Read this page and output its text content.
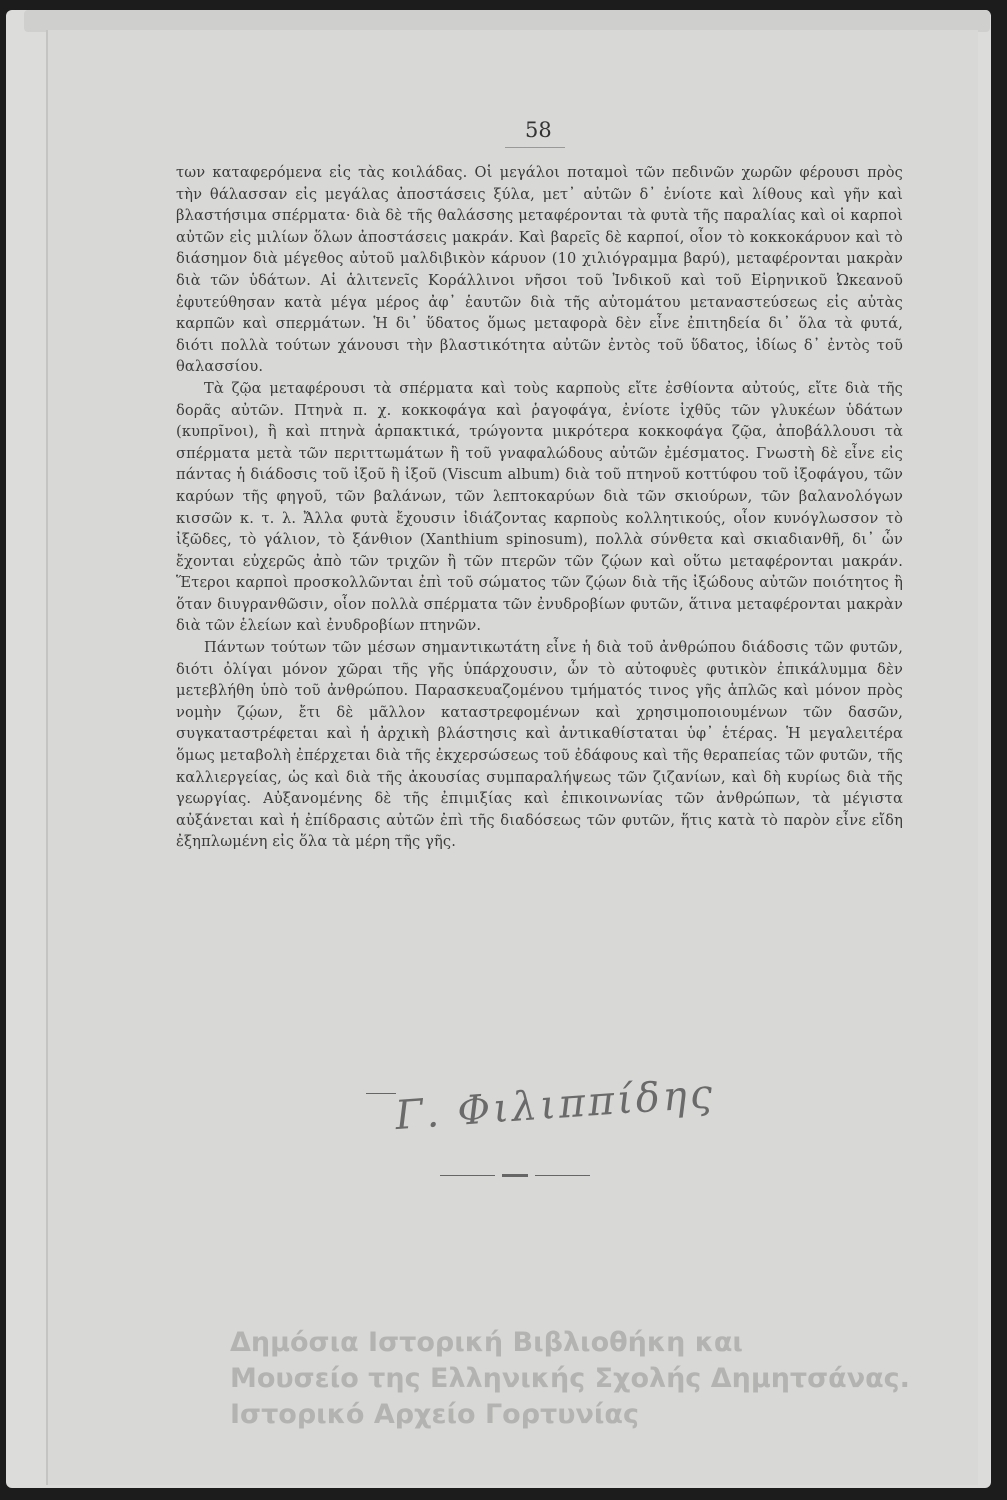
58

των καταφερόμενα εἰς τὰς κοιλάδας. Οἱ μεγάλοι ποταμοὶ τῶν πεδινῶν χωρῶν φέρουσι πρὸς τὴν θάλασσαν εἰς μεγάλας ἀποστάσεις ξύλα, μετ᾽ αὐτῶν δ᾽ ἐνίοτε καὶ λίθους καὶ γῆν καὶ βλαστήσιμα σπέρματα· διὰ δὲ τῆς θαλάσσης μεταφέρονται τὰ φυτὰ τῆς παραλίας καὶ οἱ καρποὶ αὐτῶν εἰς μιλίων ὅλων ἀποστάσεις μακράν. Καὶ βαρεῖς δὲ καρποί, οἷον τὸ κοκκοκάρυον καὶ τὸ διάσημον διὰ μέγεθος αὐτοῦ μαλδιβικὸν κάρυον (10 χιλιόγραμμα βαρύ), μεταφέρονται μακρὰν διὰ τῶν ὑδάτων. Αἱ ἁλιτενεῖς Κοράλλινοι νῆσοι τοῦ Ἰνδικοῦ καὶ τοῦ Εἰρηνικοῦ Ὠκεανοῦ ἐφυτεύθησαν κατὰ μέγα μέρος ἀφ᾽ ἑαυτῶν διὰ τῆς αὐτομάτου μεταναστεύσεως εἰς αὐτὰς καρπῶν καὶ σπερμάτων. Ἡ δι᾽ ὕδατος ὅμως μεταφορὰ δὲν εἶνε ἐπιτηδεία δι᾽ ὅλα τὰ φυτά, διότι πολλὰ τούτων χάνουσι τὴν βλαστικότητα αὐτῶν ἐντὸς τοῦ ὕδατος, ἰδίως δ᾽ ἐντὸς τοῦ θαλασσίου.

Τὰ ζῷα μεταφέρουσι τὰ σπέρματα καὶ τοὺς καρποὺς εἴτε ἐσθίοντα αὐτούς, εἴτε διὰ τῆς δορᾶς αὐτῶν. Πτηνὰ π. χ. κοκκοφάγα καὶ ῥαγοφάγα, ἐνίοτε ἰχθῦς τῶν γλυκέων ὑδάτων (κυπρῖνοι), ἢ καὶ πτηνὰ ἁρπακτικά, τρώγοντα μικρότερα κοκκοφάγα ζῷα, ἀποβάλλουσι τὰ σπέρματα μετὰ τῶν περιττωμάτων ἢ τοῦ γναφαλώδους αὐτῶν ἐμέσματος. Γνωστὴ δὲ εἶνε εἰς πάντας ἡ διάδοσις τοῦ ἰξοῦ ἢ ἰξοῦ (Viscum album) διὰ τοῦ πτηνοῦ κοττύφου τοῦ ἰξοφάγου, τῶν καρύων τῆς φηγοῦ, τῶν βαλάνων, τῶν λεπτοκαρύων διὰ τῶν σκιούρων, τῶν βαλανολόγων κισσῶν κ. τ. λ. Ἄλλα φυτὰ ἔχουσιν ἰδιάζοντας καρποὺς κολλητικούς, οἷον κυνόγλωσσον τὸ ἰξῶδες, τὸ γάλιον, τὸ ξάνθιον (Xanthium spinosum), πολλὰ σύνθετα καὶ σκιαδιανθῆ, δι᾽ ὧν ἔχονται εὐχερῶς ἀπὸ τῶν τριχῶν ἢ τῶν πτερῶν τῶν ζῴων καὶ οὕτω μεταφέρονται μακράν. Ἕτεροι καρποὶ προσκολλῶνται ἐπὶ τοῦ σώματος τῶν ζῴων διὰ τῆς ἰξώδους αὐτῶν ποιότητος ἢ ὅταν διυγρανθῶσιν, οἷον πολλὰ σπέρματα τῶν ἐνυδροβίων φυτῶν, ἅτινα μεταφέρονται μακρὰν διὰ τῶν ἑλείων καὶ ἐνυδροβίων πτηνῶν.

Πάντων τούτων τῶν μέσων σημαντικωτάτη εἶνε ἡ διὰ τοῦ ἀνθρώπου διάδοσις τῶν φυτῶν, διότι ὀλίγαι μόνον χῶραι τῆς γῆς ὑπάρχουσιν, ὧν τὸ αὐτοφυὲς φυτικὸν ἐπικάλυμμα δὲν μετεβλήθη ὑπὸ τοῦ ἀνθρώπου. Παρασκευαζομένου τμήματός τινος γῆς ἁπλῶς καὶ μόνον πρὸς νομὴν ζῴων, ἔτι δὲ μᾶλλον καταστρεφομένων καὶ χρησιμοποιουμένων τῶν δασῶν, συγκαταστρέφεται καὶ ἡ ἀρχικὴ βλάστησις καὶ ἀντικαθίσταται ὑφ᾽ ἑτέρας. Ἡ μεγαλειτέρα ὅμως μεταβολὴ ἐπέρχεται διὰ τῆς ἐκχερσώσεως τοῦ ἐδάφους καὶ τῆς θεραπείας τῶν φυτῶν, τῆς καλλιεργείας, ὡς καὶ διὰ τῆς ἀκουσίας συμπαραλήψεως τῶν ζιζανίων, καὶ δὴ κυρίως διὰ τῆς γεωργίας. Αὐξανομένης δὲ τῆς ἐπιμιξίας καὶ ἐπικοινωνίας τῶν ἀνθρώπων, τὰ μέγιστα αὐξάνεται καὶ ἡ ἐπίδρασις αὐτῶν ἐπὶ τῆς διαδόσεως τῶν φυτῶν, ἥτις κατὰ τὸ παρὸν εἶνε εἴδη ἐξηπλωμένη εἰς ὅλα τὰ μέρη τῆς γῆς.

Γ. Φιλιππίδης
Δημόσια Ιστορική Βιβλιοθήκη και
Μουσείο της Ελληνικής Σχολής Δημητσάνας.
Ιστορικό Αρχείο Γορτυνίας
